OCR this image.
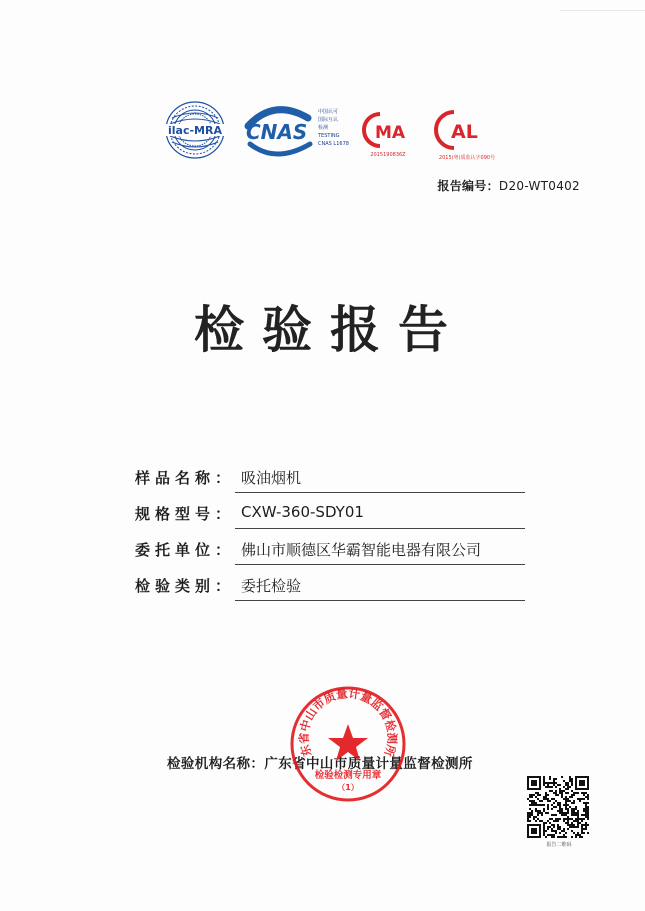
ilac-MRA CNAS
中国认可
国际互认
检测
TESTING
CNAS L1678
MA
2015190836Z
AL
2015(粤)质监认字090号
报告编号：D20-WT0402
检验报告
样品名称： 吸油烟机
规格型号： CXW-360-SDY01
委托单位： 佛山市顺德区华霸智能电器有限公司
检验类别： 委托检验
检验机构名称：广东省中山市质量计量监督检测所
东省中山市质量计量监督检测所
检验检测专用章
（1）
报告二维码
